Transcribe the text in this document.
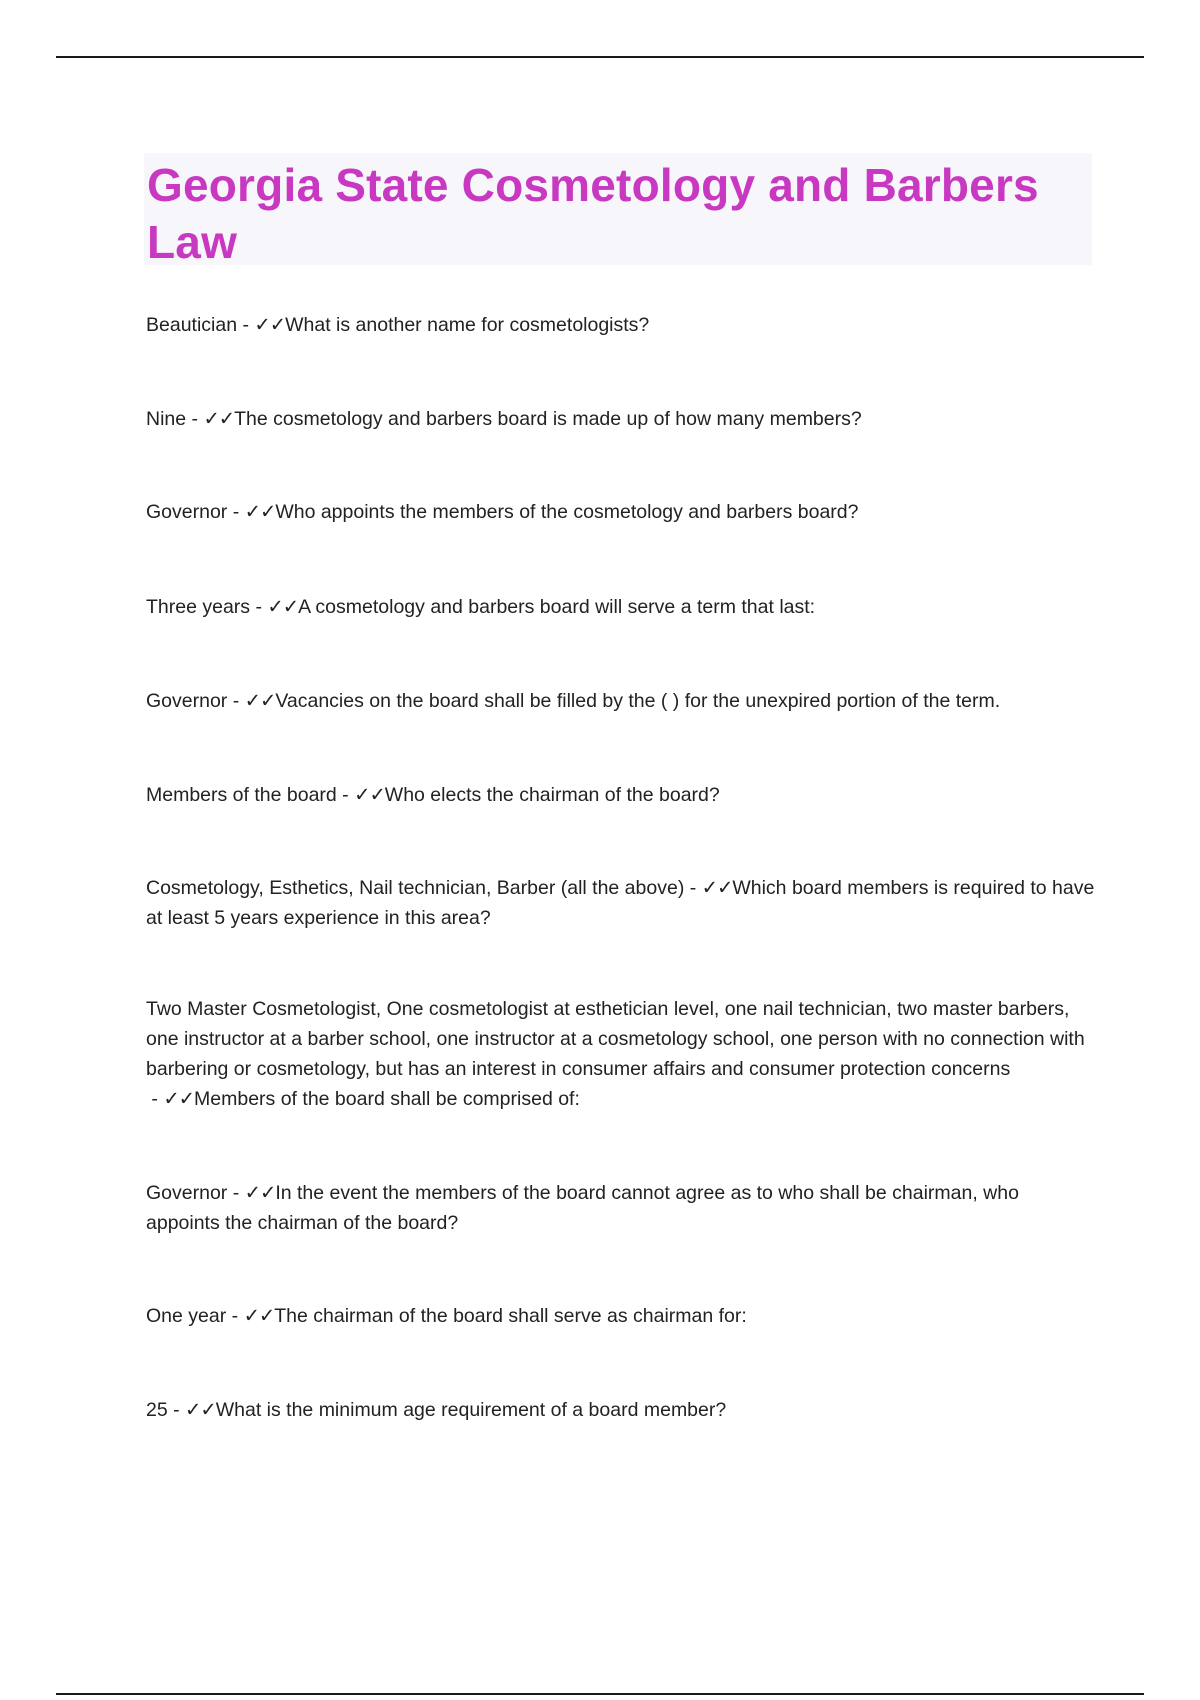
Georgia State Cosmetology and Barbers Law

Beautician - ✓✓What is another name for cosmetologists?

Nine - ✓✓The cosmetology and barbers board is made up of how many members?

Governor - ✓✓Who appoints the members of the cosmetology and barbers board?

Three years - ✓✓A cosmetology and barbers board will serve a term that last:

Governor - ✓✓Vacancies on the board shall be filled by the ( ) for the unexpired portion of the term.

Members of the board - ✓✓Who elects the chairman of the board?

Cosmetology, Esthetics, Nail technician, Barber (all the above) - ✓✓Which board members is required to have at least 5 years experience in this area?

Two Master Cosmetologist, One cosmetologist at esthetician level, one nail technician, two master barbers, one instructor at a barber school, one instructor at a cosmetology school, one person with no connection with barbering or cosmetology, but has an interest in consumer affairs and consumer protection concerns - ✓✓Members of the board shall be comprised of:

Governor - ✓✓In the event the members of the board cannot agree as to who shall be chairman, who appoints the chairman of the board?

One year - ✓✓The chairman of the board shall serve as chairman for:

25 - ✓✓What is the minimum age requirement of a board member?
